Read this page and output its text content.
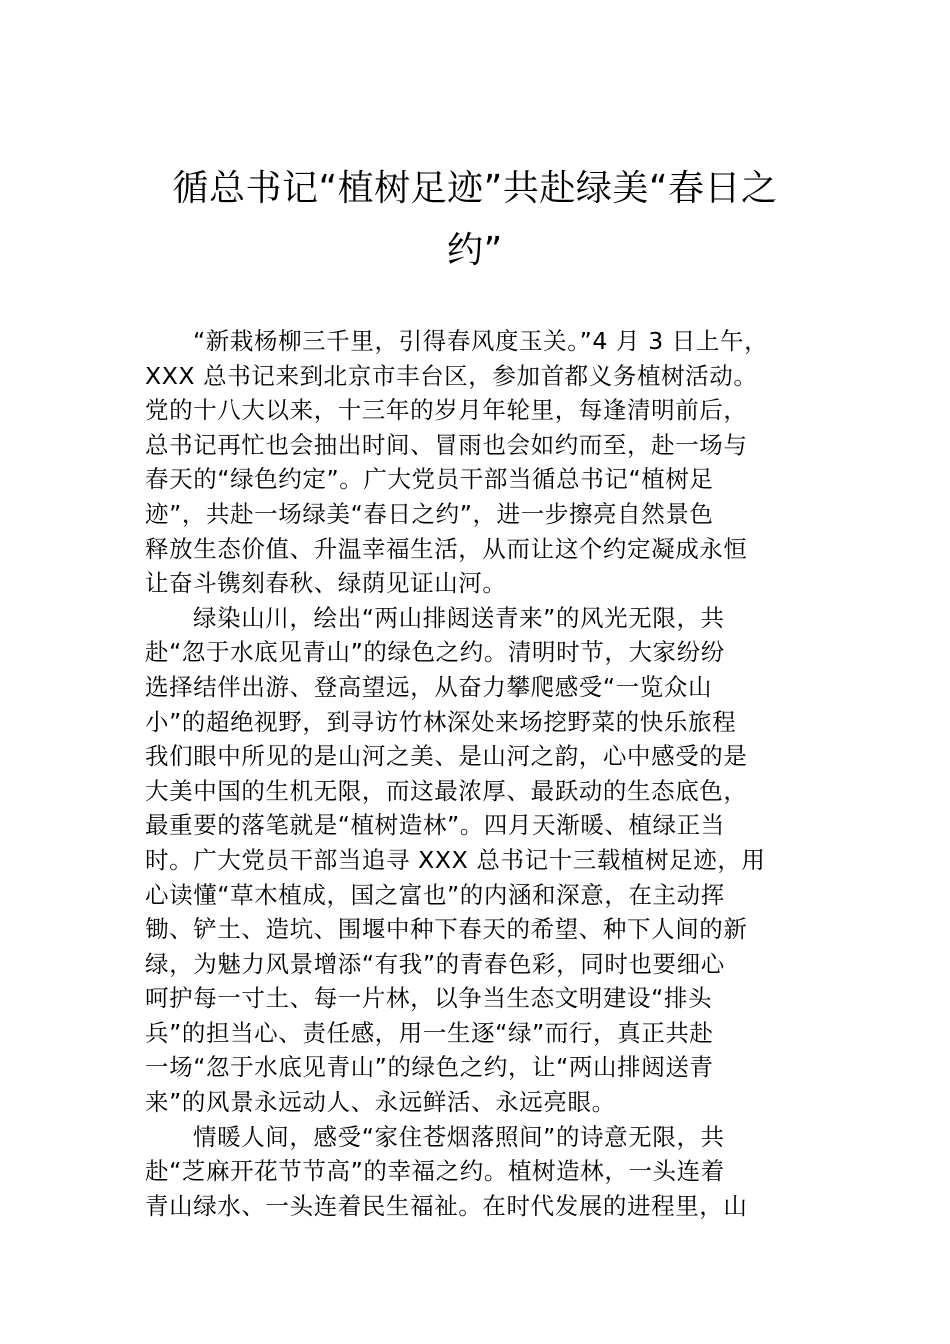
循总书记“植树足迹”共赴绿美“春日之
约”
“新栽杨柳三千里，引得春风度玉关。”4 月 3 日上午，
XXX 总书记来到北京市丰台区，参加首都义务植树活动。
党的十八大以来，十三年的岁月年轮里，每逢清明前后，
总书记再忙也会抽出时间、冒雨也会如约而至，赴一场与
春天的“绿色约定”。广大党员干部当循总书记“植树足
迹”，共赴一场绿美“春日之约”，进一步擦亮自然景色
释放生态价值、升温幸福生活，从而让这个约定凝成永恒
让奋斗镌刻春秋、绿荫见证山河。
绿染山川，绘出“两山排闼送青来”的风光无限，共
赴“忽于水底见青山”的绿色之约。清明时节，大家纷纷
选择结伴出游、登高望远，从奋力攀爬感受“一览众山
小”的超绝视野，到寻访竹林深处来场挖野菜的快乐旅程
我们眼中所见的是山河之美、是山河之韵，心中感受的是
大美中国的生机无限，而这最浓厚、最跃动的生态底色，
最重要的落笔就是“植树造林”。四月天渐暖、植绿正当
时。广大党员干部当追寻 XXX 总书记十三载植树足迹，用
心读懂“草木植成，国之富也”的内涵和深意，在主动挥
锄、铲土、造坑、围堰中种下春天的希望、种下人间的新
绿，为魅力风景增添“有我”的青春色彩，同时也要细心
呵护每一寸土、每一片林，以争当生态文明建设“排头
兵”的担当心、责任感，用一生逐“绿”而行，真正共赴
一场“忽于水底见青山”的绿色之约，让“两山排闼送青
来”的风景永远动人、永远鲜活、永远亮眼。
情暖人间，感受“家住苍烟落照间”的诗意无限，共
赴“芝麻开花节节高”的幸福之约。植树造林，一头连着
青山绿水、一头连着民生福祉。在时代发展的进程里，山
